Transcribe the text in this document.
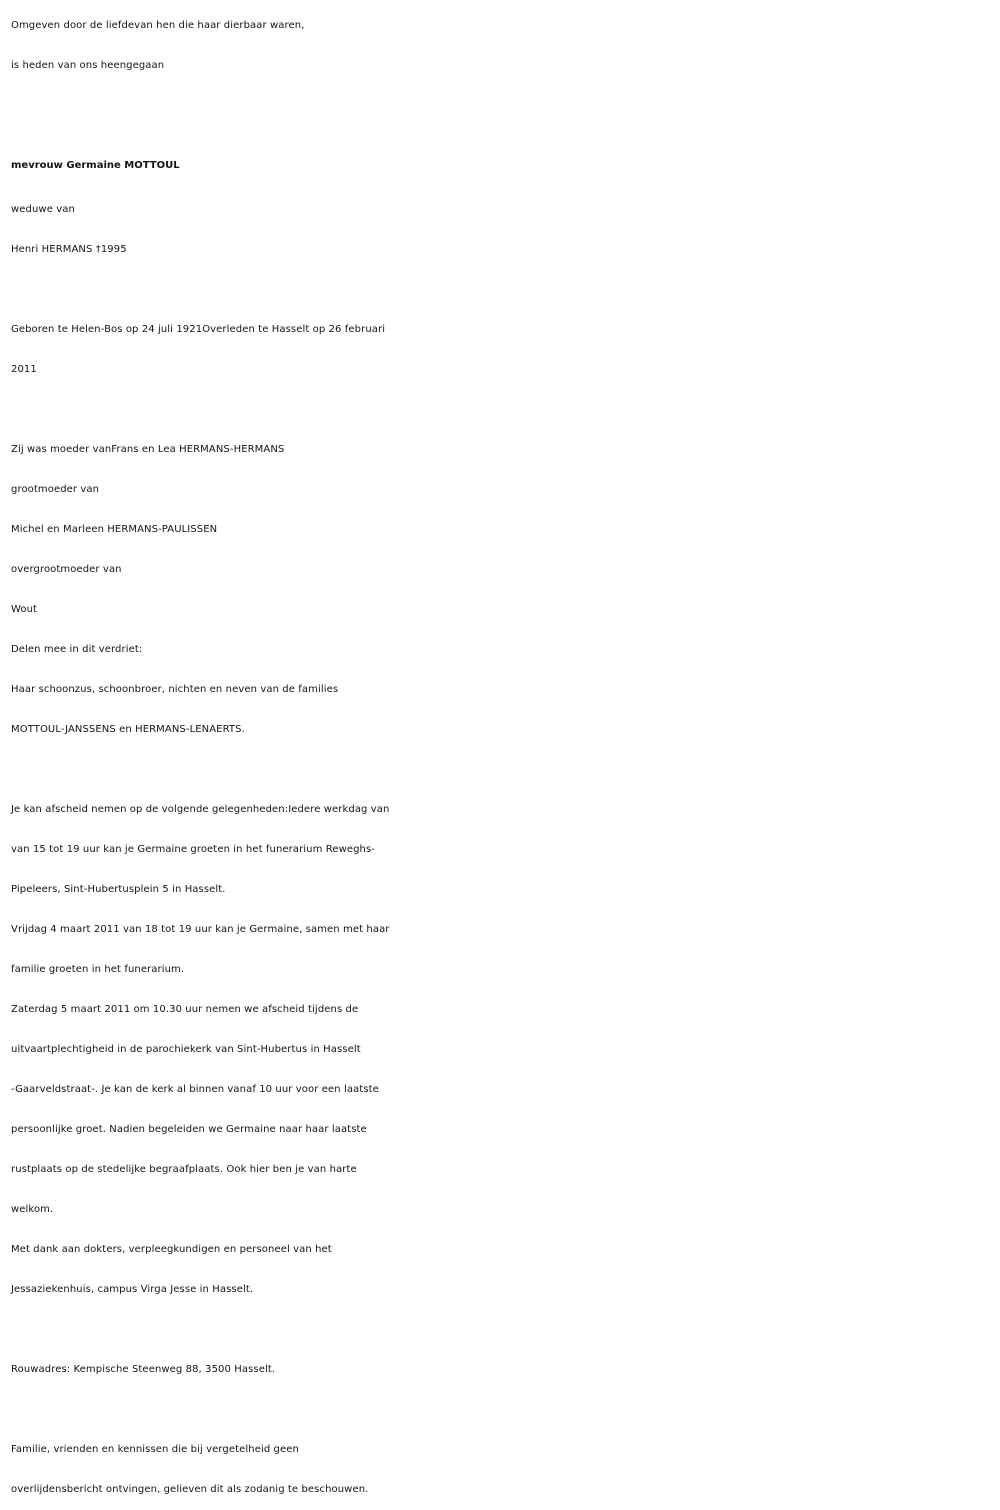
Omgeven door de liefdevan hen die haar dierbaar waren,
is heden van ons heengegaan
mevrouw Germaine MOTTOUL
weduwe van
Henri HERMANS †1995
Geboren te Helen-Bos op 24 juli 1921Overleden te Hasselt op 26 februari
2011
Zij was moeder vanFrans en Lea HERMANS-HERMANS
grootmoeder van
Michel en Marleen HERMANS-PAULISSEN
overgrootmoeder van
Wout
Delen mee in dit verdriet:
Haar schoonzus, schoonbroer, nichten en neven van de families
MOTTOUL-JANSSENS en HERMANS-LENAERTS.
Je kan afscheid nemen op de volgende gelegenheden:Iedere werkdag van
van 15 tot 19 uur kan je Germaine groeten in het funerarium Reweghs-
Pipeleers, Sint-Hubertusplein 5 in Hasselt.
Vrijdag 4 maart 2011 van 18 tot 19 uur kan je Germaine, samen met haar
familie groeten in het funerarium.
Zaterdag 5 maart 2011 om 10.30 uur nemen we afscheid tijdens de
uitvaartplechtigheid in de parochiekerk van Sint-Hubertus in Hasselt
-Gaarveldstraat-. Je kan de kerk al binnen vanaf 10 uur voor een laatste
persoonlijke groet. Nadien begeleiden we Germaine naar haar laatste
rustplaats op de stedelijke begraafplaats. Ook hier ben je van harte
welkom.
Met dank aan dokters, verpleegkundigen en personeel van het
Jessaziekenhuis, campus Virga Jesse in Hasselt.
Rouwadres: Kempische Steenweg 88, 3500 Hasselt.
Familie, vrienden en kennissen die bij vergetelheid geen
overlijdensbericht ontvingen, gelieven dit als zodanig te beschouwen.
